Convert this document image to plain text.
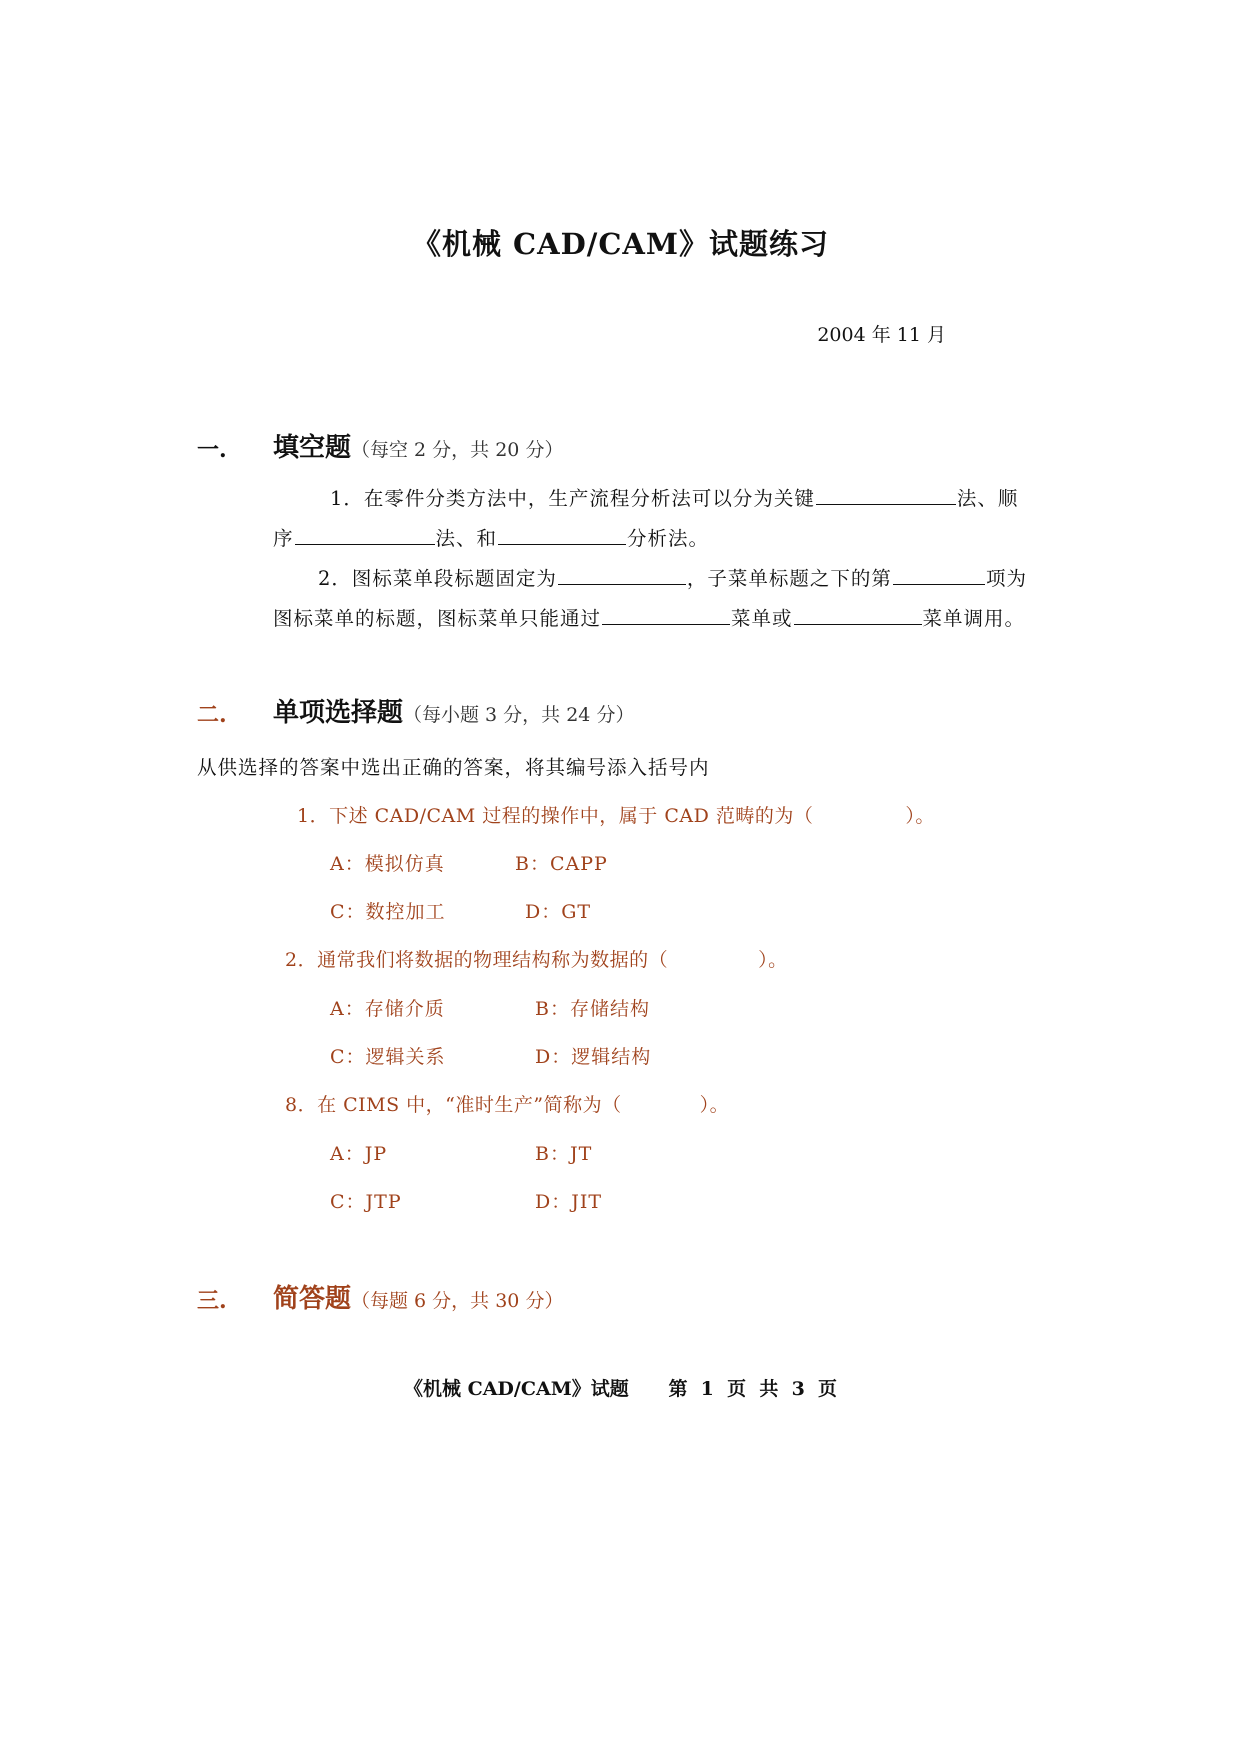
《机械 CAD/CAM》试题练习
2004 年 11 月
一. 填空题（每空 2 分，共 20 分）
1．在零件分类方法中，生产流程分析法可以分为关键	法、顺
序	法、和	分析法。
2．图标菜单段标题固定为	，子菜单标题之下的第	项为
图标菜单的标题，图标菜单只能通过	菜单或	菜单调用。
二. 单项选择题（每小题 3 分，共 24 分）
从供选择的答案中选出正确的答案，将其编号添入括号内
1．下述 CAD/CAM 过程的操作中，属于 CAD 范畴的为（	）。
A：模拟仿真	B：CAPP
C：数控加工	D：GT
2．通常我们将数据的物理结构称为数据的（	）。
A：存储介质	B：存储结构
C：逻辑关系	D：逻辑结构
8．在 CIMS 中，“准时生产”简称为（	）。
A：JP	B：JT
C：JTP	D：JIT
三. 简答题（每题 6 分，共 30 分）
《机械 CAD/CAM》试题 第  1  页  共  3  页
